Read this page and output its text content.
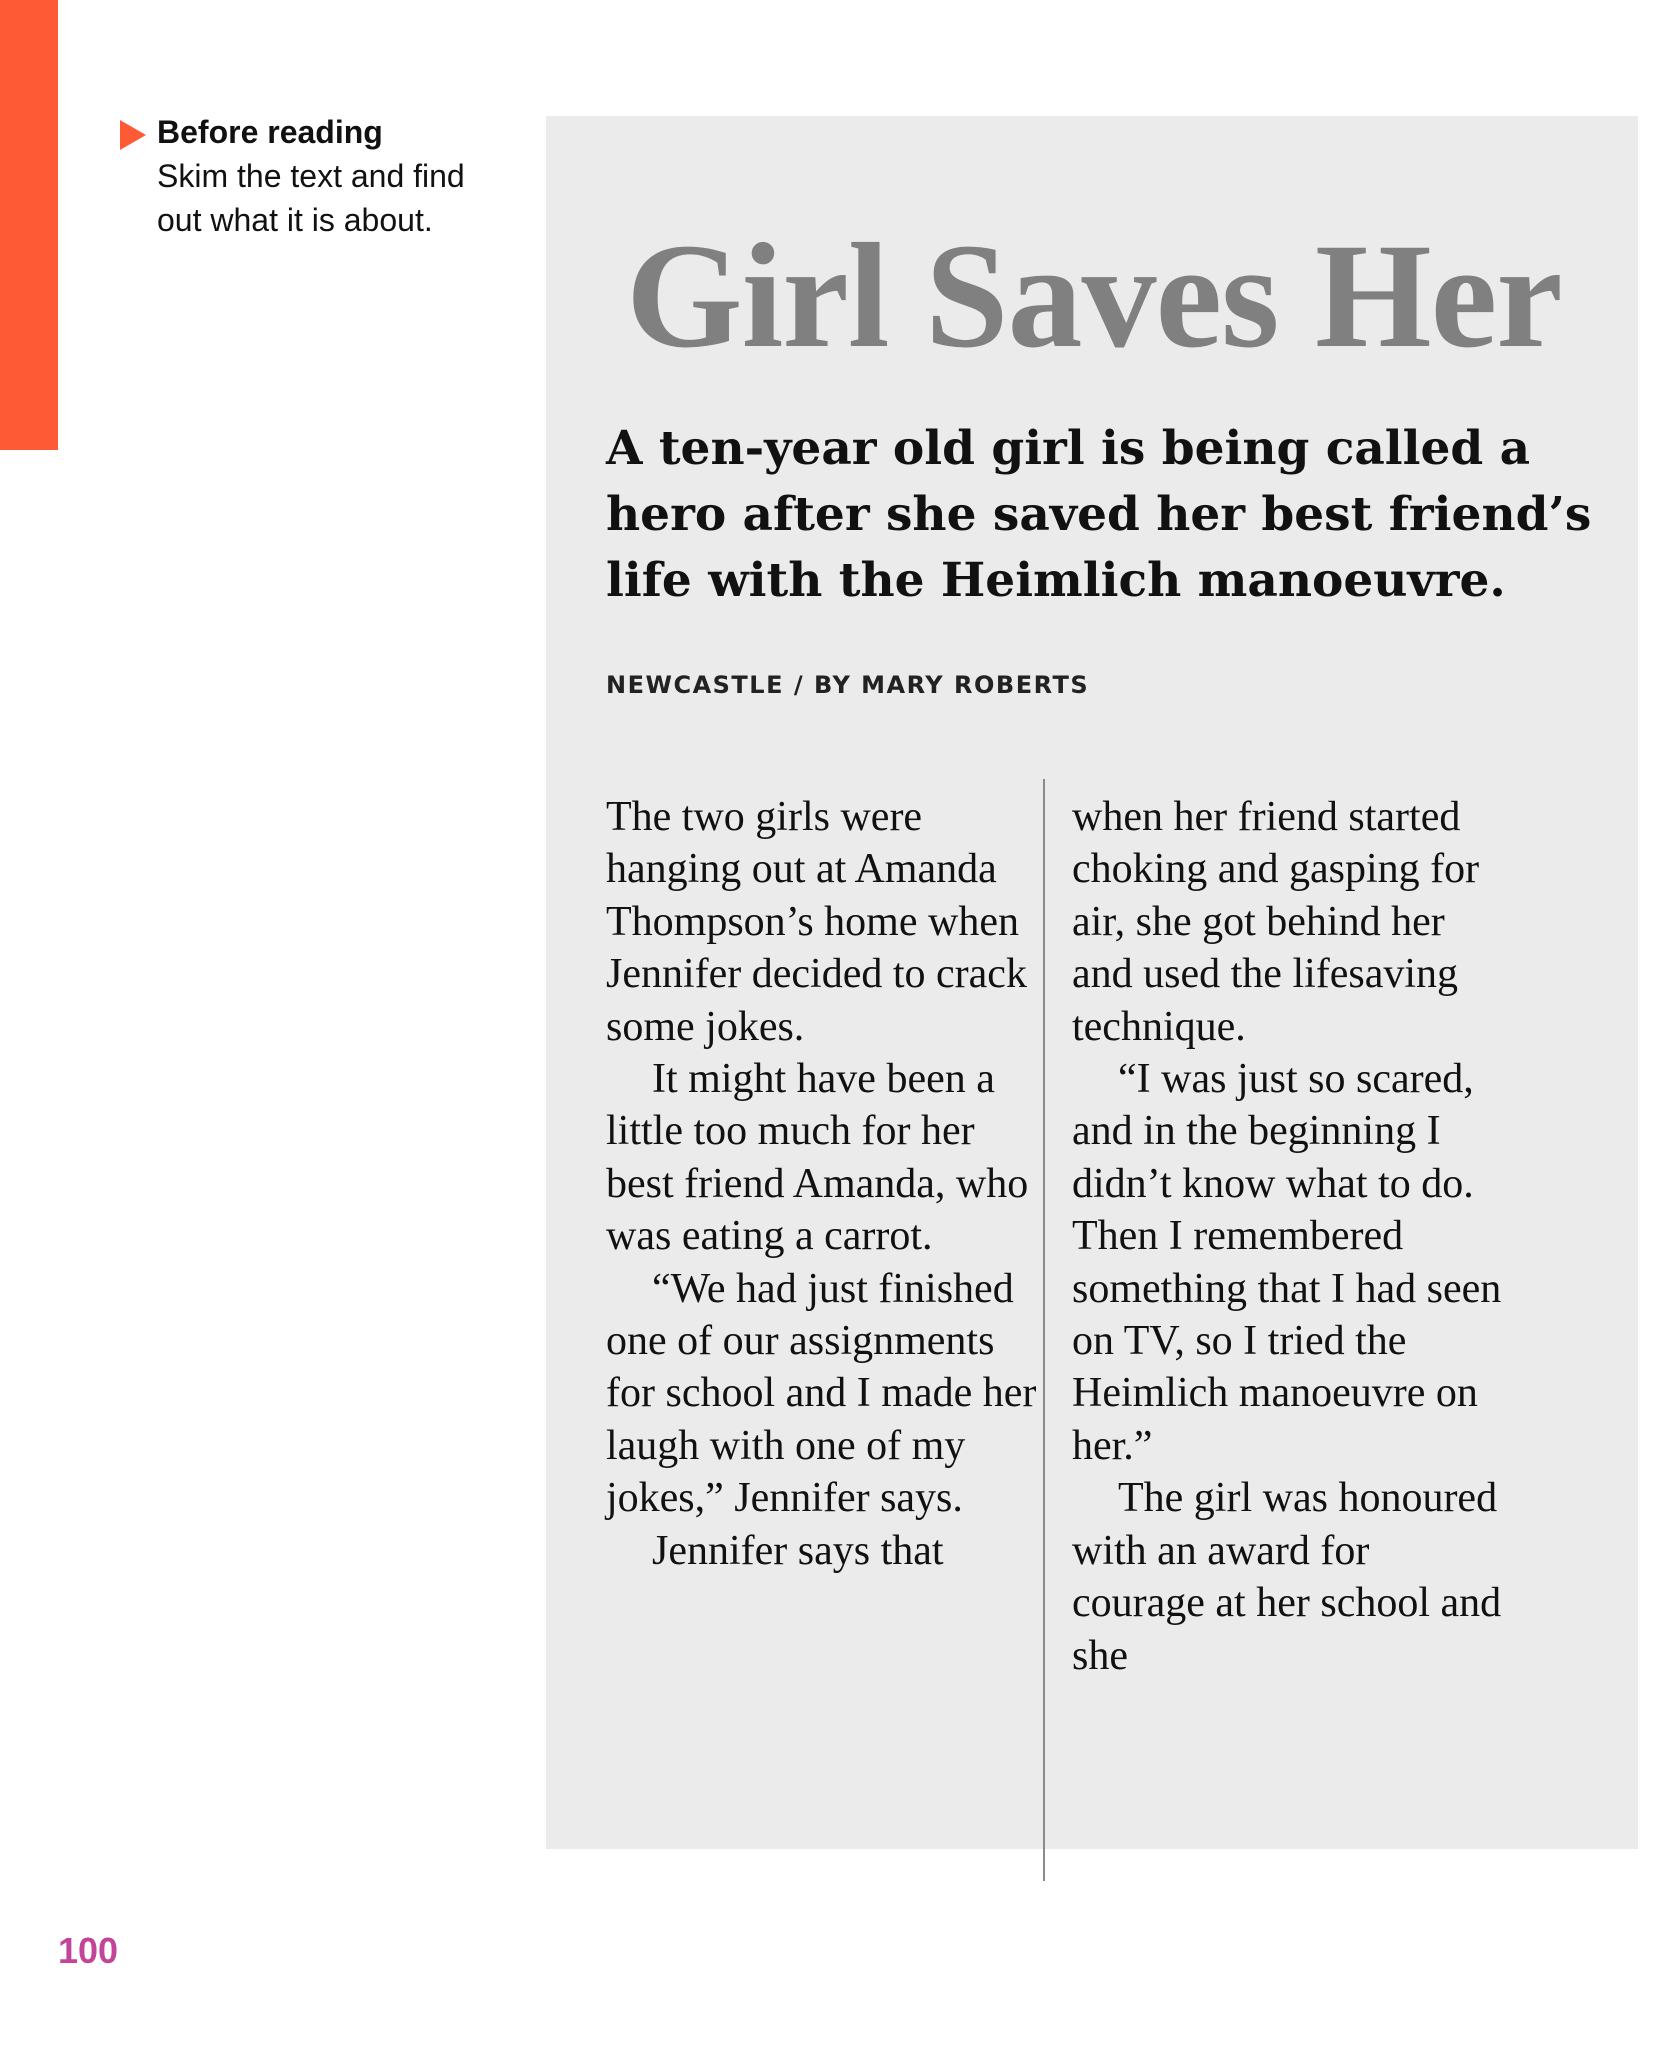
Before reading
Skim the text and find out what it is about.	Girl Saves Her
A ten-year old girl is being called a hero after she saved her best friend’s life with the Heimlich manoeuvre.
NEWCASTLE / BY MARY ROBERTS

The two girls were hanging out at Amanda Thompson’s home when Jennifer decided to crack some jokes.

It might have been a little too much for her best friend Amanda, who was eating a carrot.

“We had just finished one of our assignments for school and I made her laugh with one of my jokes,” Jennifer says.

Jennifer says that

when her friend started choking and gasping for air, she got behind her and used the lifesaving technique.

“I was just so scared, and in the beginning I didn’t know what to do. Then I remembered something that I had seen on TV, so I tried the Heimlich manoeuvre on her.”

The girl was honoured with an award for courage at her school and she

100
